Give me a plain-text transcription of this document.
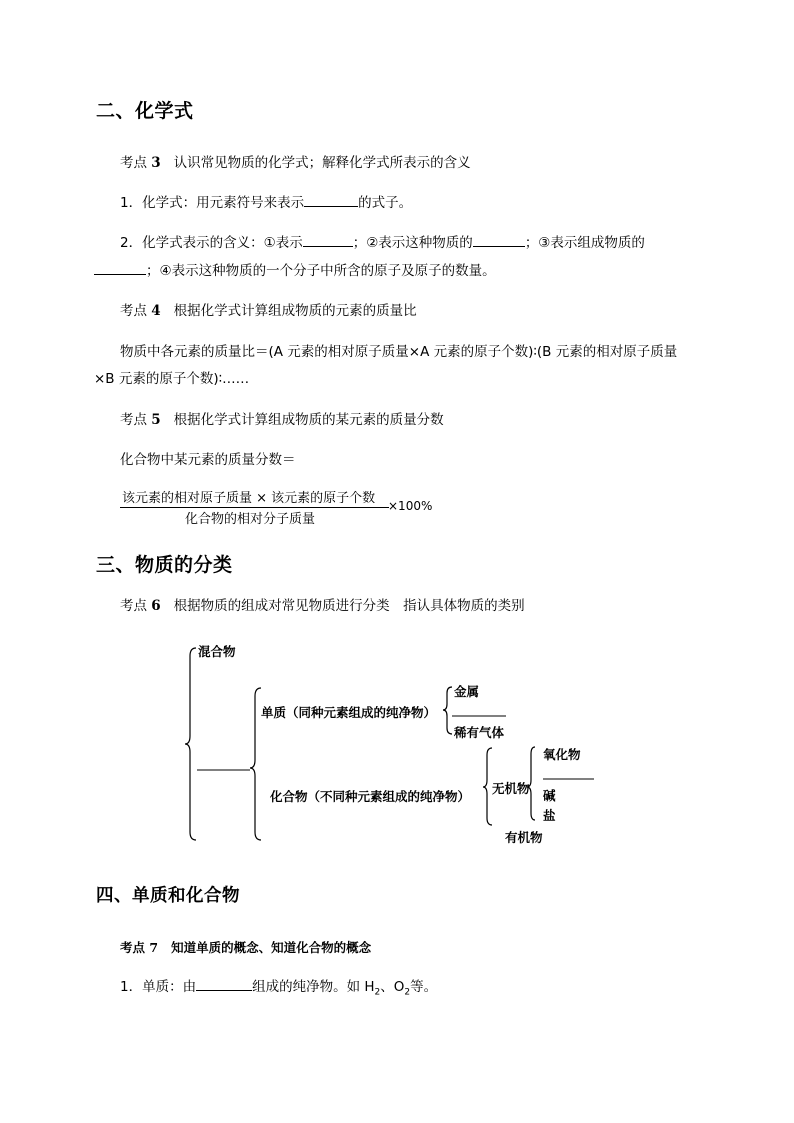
二、化学式
考点 3 认识常见物质的化学式；解释化学式所表示的含义
1．化学式：用元素符号来表示	的式子。
2．化学式表示的含义：①表示	；②表示这种物质的	；③表示组成物质的
；④表示这种物质的一个分子中所含的原子及原子的数量。
考点 4 根据化学式计算组成物质的元素的质量比
物质中各元素的质量比＝(A 元素的相对原子质量×A 元素的原子个数)∶(B 元素的相对原子质量
×B 元素的原子个数)∶……
考点 5 根据化学式计算组成物质的某元素的质量分数
化合物中某元素的质量分数＝
该元素的相对原子质量 × 该元素的原子个数
化合物的相对分子质量
×100%
三、物质的分类
考点 6 根据物质的组成对常见物质进行分类　指认具体物质的类别
混合物
单质（同种元素组成的纯净物）
金属
稀有气体
化合物（不同种元素组成的纯净物）
无机物
氧化物
碱
盐
有机物
四、单质和化合物
考点 7 知道单质的概念、知道化合物的概念
1．单质：由	组成的纯净物。如 $H_2$、$O_2$等。
